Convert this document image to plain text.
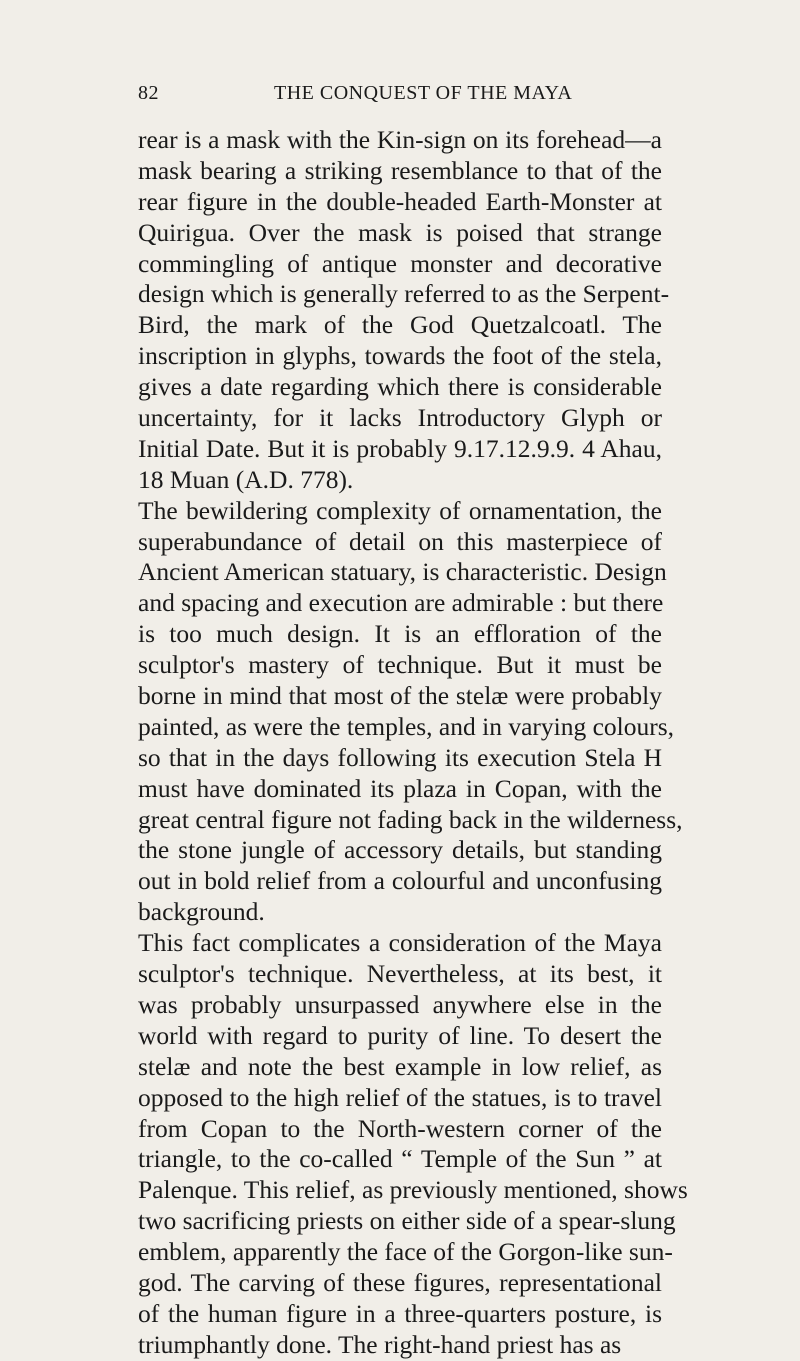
82	THE CONQUEST OF THE MAYA
rear is a mask with the Kin-sign on its forehead—a
mask bearing a striking resemblance to that of the
rear figure in the double-headed Earth-Monster at
Quirigua. Over the mask is poised that strange
commingling of antique monster and decorative
design which is generally referred to as the Serpent-
Bird, the mark of the God Quetzalcoatl. The
inscription in glyphs, towards the foot of the stela,
gives a date regarding which there is considerable
uncertainty, for it lacks Introductory Glyph or
Initial Date. But it is probably 9.17.12.9.9. 4 Ahau,
18 Muan (A.D. 778).
The bewildering complexity of ornamentation, the
superabundance of detail on this masterpiece of
Ancient American statuary, is characteristic. Design
and spacing and execution are admirable : but there
is too much design. It is an efflorati​on of the
sculptor's mastery of technique. But it must be
borne in mind that most of the stelæ were probably
painted, as were the temples, and in varying colours,
so that in the days following its execution Stela H
must have dominated its plaza in Copan, with the
great central figure not fading back in the wilderness,
the stone jungle of accessory details, but standing
out in bold relief from a colourful and unconfusing
background.
This fact complicates a consideration of the Maya
sculptor's technique. Nevertheless, at its best, it
was probably unsurpassed anywhere else in the
world with regard to purity of line. To desert the
stelæ and note the best example in low relief, as
opposed to the high relief of the statues, is to travel
from Copan to the North-western corner of the
triangle, to the co-called “ Temple of the Sun ” at
Palenque. This relief, as previously mentioned, shows
two sacrificing priests on either side of a spear-slung
emblem, apparently the face of the Gorgon-like sun-
god. The carving of these figures, representational
of the human figure in a three-quarters posture, is
triumphantly done. The right-hand priest has as
